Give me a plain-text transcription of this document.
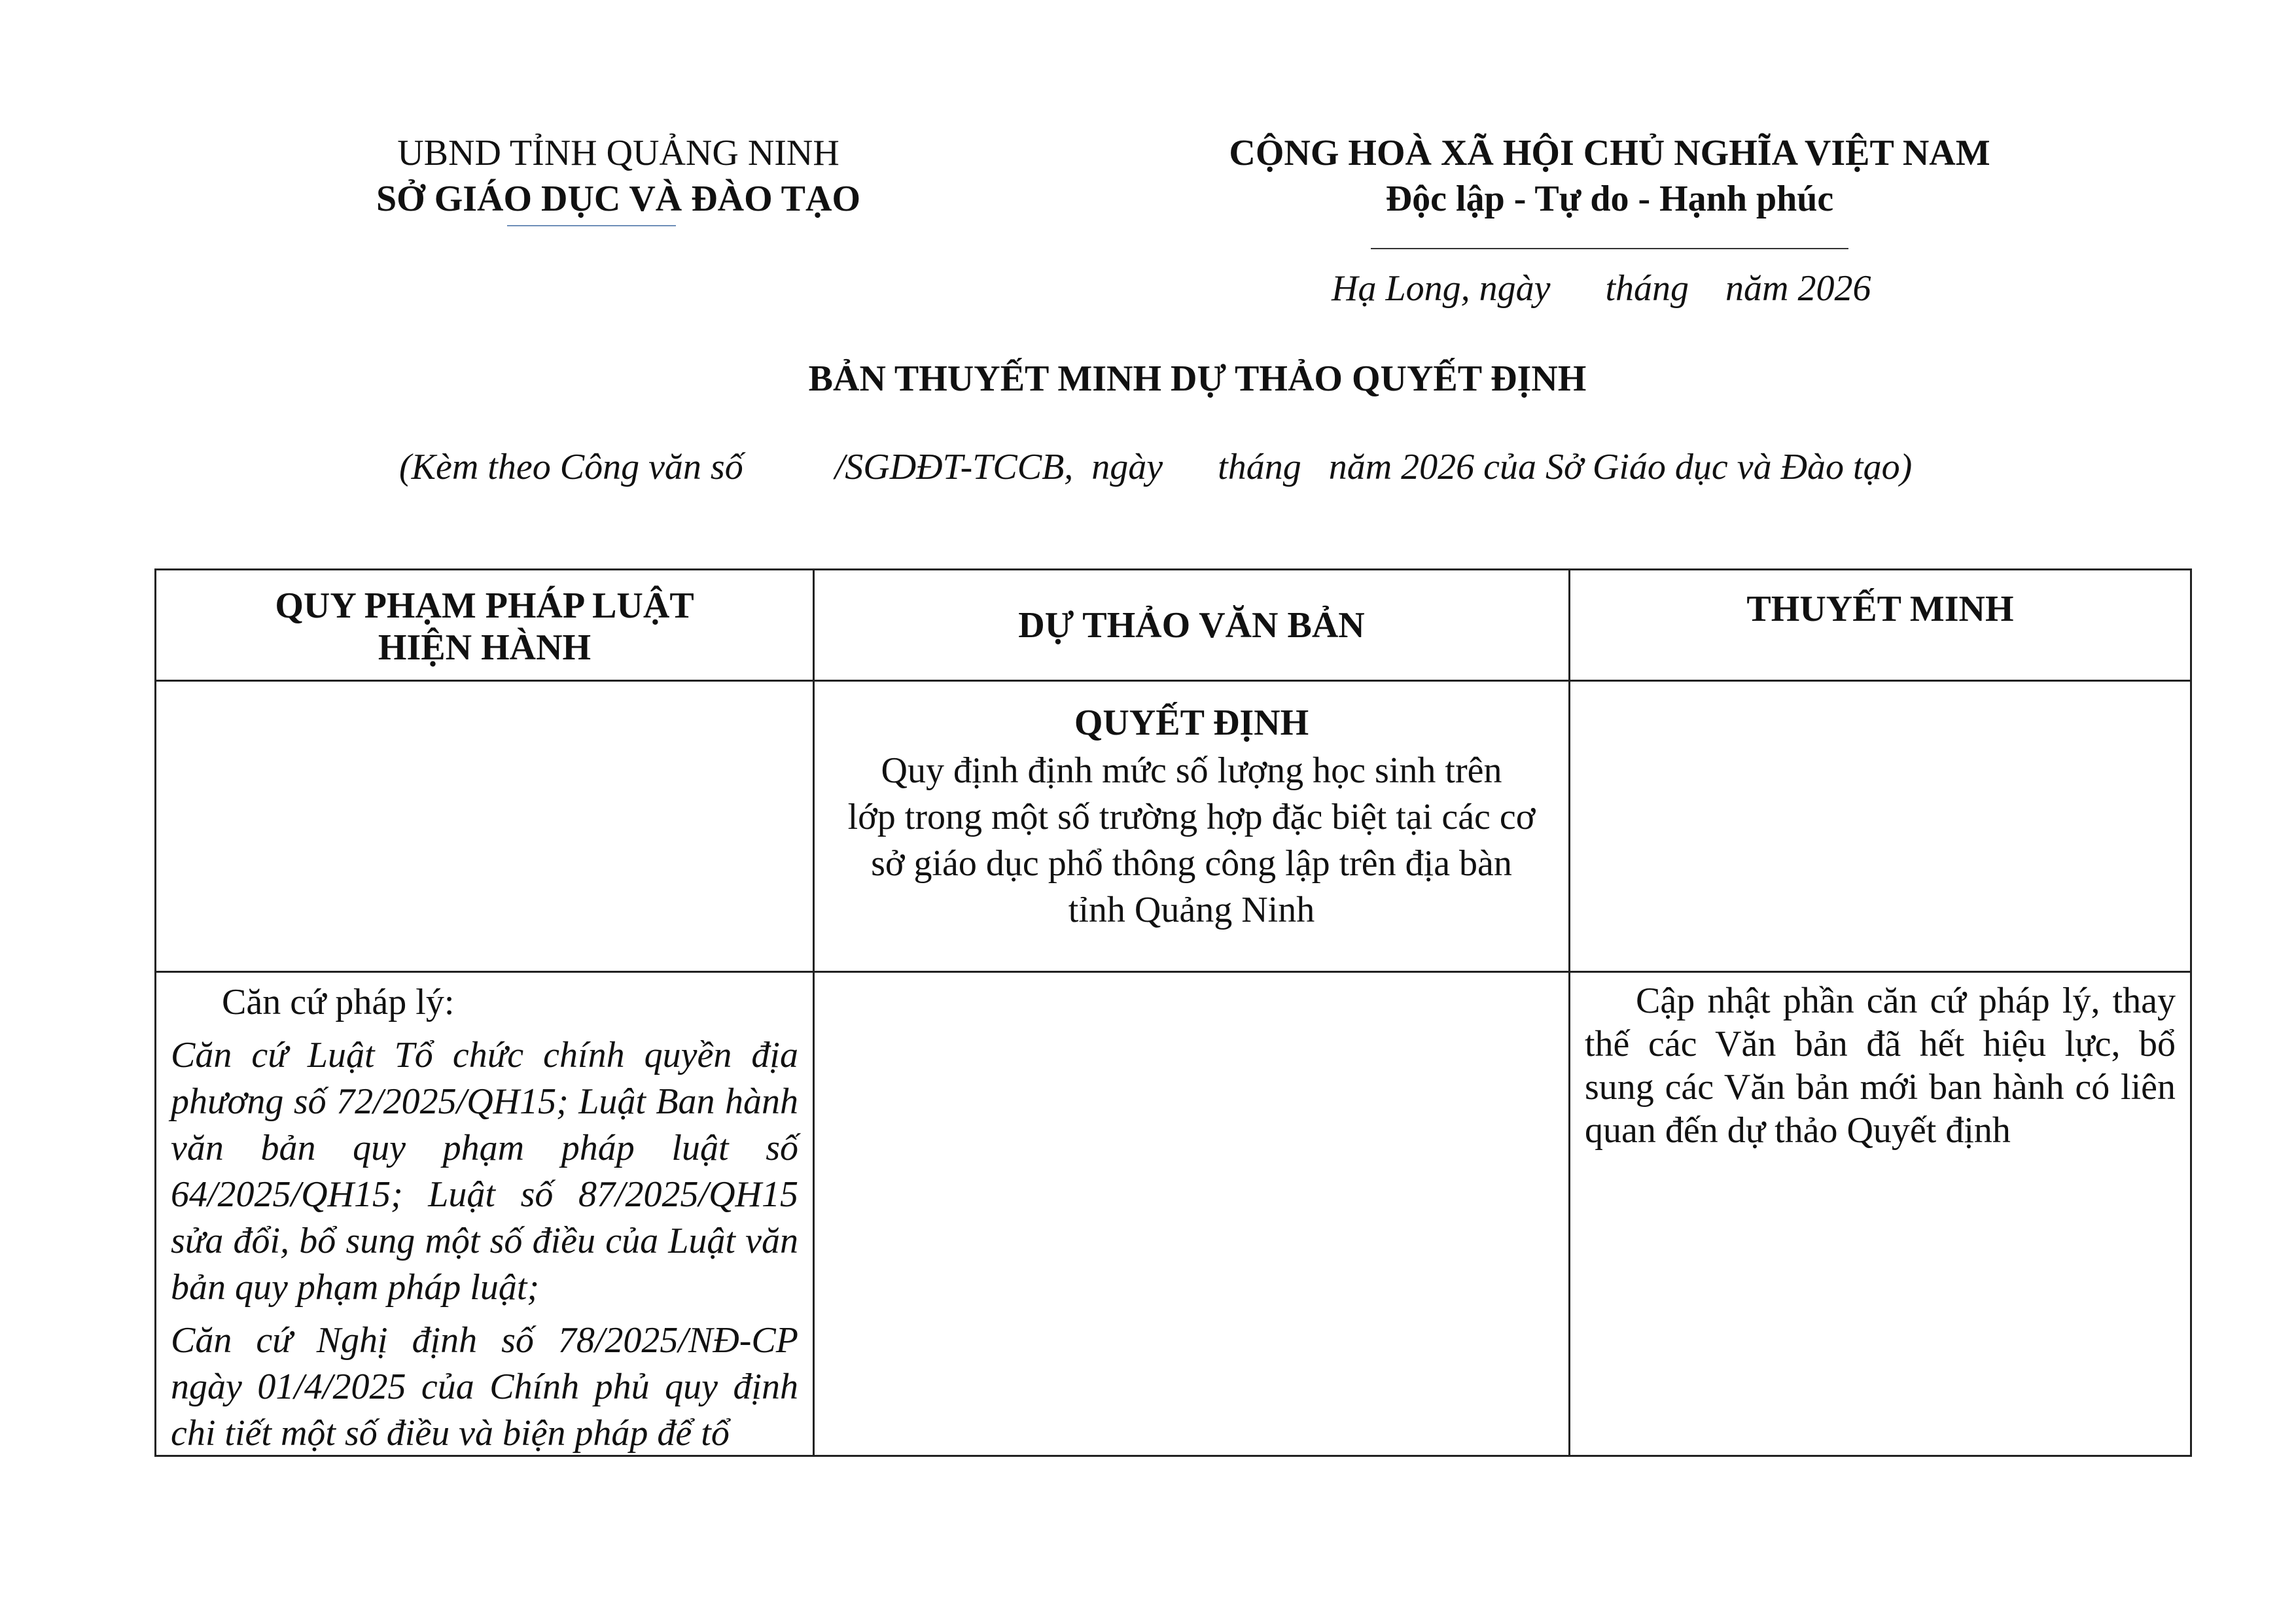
UBND TỈNH QUẢNG NINH
SỞ GIÁO DỤC VÀ ĐÀO TẠO
CỘNG HOÀ XÃ HỘI CHỦ NGHĨA VIỆT NAM
Độc lập - Tự do - Hạnh phúc
Hạ Long, ngày      tháng    năm 2026
BẢN THUYẾT MINH DỰ THẢO QUYẾT ĐỊNH
(Kèm theo Công văn số          /SGDĐT-TCCB,  ngày      tháng   năm 2026 của Sở Giáo dục và Đào tạo)
QUY PHẠM PHÁP LUẬT
HIỆN HÀNH	DỰ THẢO VĂN BẢN	THUYẾT MINH

	QUYẾT ĐỊNH
Quy định định mức số lượng học sinh trên
lớp trong một số trường hợp đặc biệt tại các cơ
sở giáo dục phổ thông công lập trên địa bàn
tỉnh Quảng Ninh	

Căn cứ pháp lý:
Căn cứ Luật Tổ chức chính quyền địa phương số 72/2025/QH15; Luật Ban hành văn bản quy phạm pháp luật số 64/2025/QH15; Luật số 87/2025/QH15 sửa đổi, bổ sung một số điều của Luật văn bản quy phạm pháp luật;
Căn cứ Nghị định số 78/2025/NĐ-CP ngày 01/4/2025 của Chính phủ quy định chi tiết một số điều và biện pháp để tổ		Cập nhật phần căn cứ pháp lý, thay thế các Văn bản đã hết hiệu lực, bổ sung các Văn bản mới ban hành có liên quan đến dự thảo Quyết định
